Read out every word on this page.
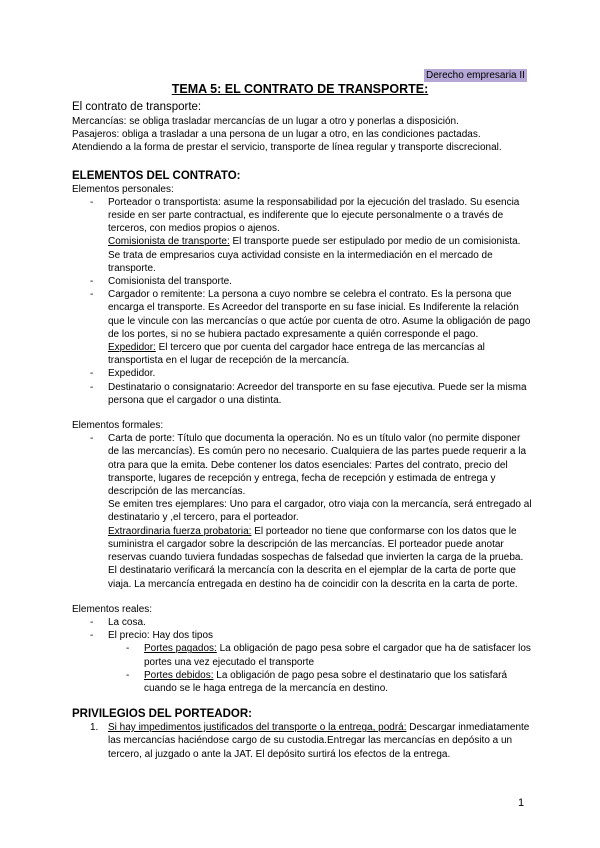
Derecho empresaria II
TEMA 5: EL CONTRATO DE TRANSPORTE:

El contrato de transporte:

Mercancías: se obliga trasladar mercancías de un lugar a otro y ponerlas a disposición.

Pasajeros: obliga a trasladar a una persona de un lugar a otro, en las condiciones pactadas.

Atendiendo a la forma de prestar el servicio, transporte de línea regular y transporte discrecional.

ELEMENTOS DEL CONTRATO:

Elementos personales:

- Porteador o transportista: asume la responsabilidad por la ejecución del traslado. Su esencia reside en ser parte contractual, es indiferente que lo ejecute personalmente o a través de terceros, con medios propios o ajenos.
Comisionista de transporte: El transporte puede ser estipulado por medio de un comisionista. Se trata de empresarios cuya actividad consiste en la intermediación en el mercado de transporte.
- Comisionista del transporte.
- Cargador o remitente: La persona a cuyo nombre se celebra el contrato. Es la persona que encarga el transporte. Es Acreedor del transporte en su fase inicial. Es Indiferente la relación que le vincule con las mercancías o que actúe por cuenta de otro. Asume la obligación de pago de los portes, si no se hubiera pactado expresamente a quién corresponde el pago.
Expedidor: El tercero que por cuenta del cargador hace entrega de las mercancías al transportista en el lugar de recepción de la mercancía.
- Expedidor.
- Destinatario o consignatario: Acreedor del transporte en su fase ejecutiva. Puede ser la misma persona que el cargador o una distinta.

Elementos formales:

- Carta de porte: Título que documenta la operación. No es un título valor (no permite disponer de las mercancías). Es común pero no necesario. Cualquiera de las partes puede requerir a la otra para que la emita. Debe contener los datos esenciales: Partes del contrato, precio del transporte, lugares de recepción y entrega, fecha de recepción y estimada de entrega y descripción de las mercancías.
Se emiten tres ejemplares: Uno para el cargador, otro viaja con la mercancía, será entregado al destinatario y ,el tercero, para el porteador.
Extraordinaria fuerza probatoria: El porteador no tiene que conformarse con los datos que le suministra el cargador sobre la descripción de las mercancías. El porteador puede anotar reservas cuando tuviera fundadas sospechas de falsedad que invierten la carga de la prueba. El destinatario verificará la mercancía con la descrita en el ejemplar de la carta de porte que viaja. La mercancía entregada en destino ha de coincidir con la descrita en la carta de porte.

Elementos reales:

- La cosa.
- El precio: Hay dos tipos
- Portes pagados: La obligación de pago pesa sobre el cargador que ha de satisfacer los portes una vez ejecutado el transporte
- Portes debidos: La obligación de pago pesa sobre el destinatario que los satisfará cuando se le haga entrega de la mercancía en destino.

PRIVILEGIOS DEL PORTEADOR:

1. Si hay impedimentos justificados del transporte o la entrega, podrá: Descargar inmediatamente las mercancías haciéndose cargo de su custodia.Entregar las mercancías en depósito a un tercero, al juzgado o ante la JAT. El depósito surtirá los efectos de la entrega.
1
